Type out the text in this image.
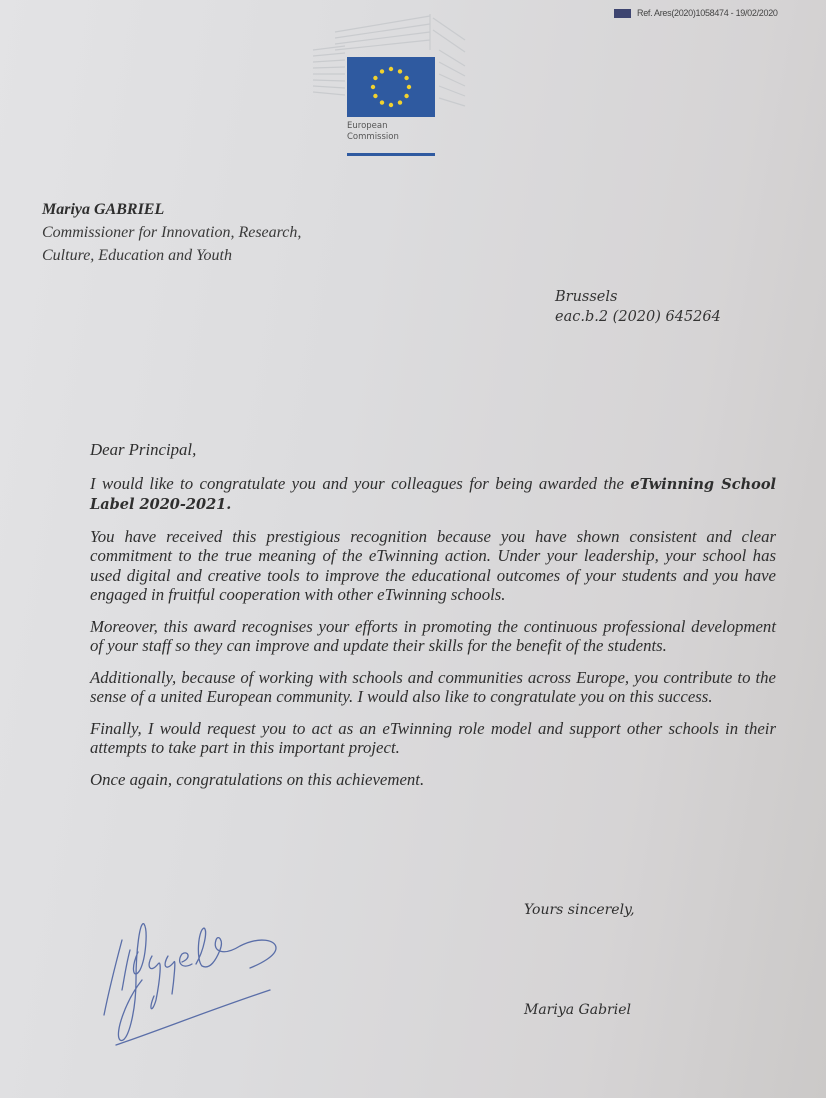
Ref. Ares(2020)1058474 - 19/02/2020
European
Commission
Mariya GABRIEL
Commissioner for Innovation, Research,
Culture, Education and Youth
Brussels
eac.b.2 (2020) 645264

Dear Principal,

I would like to congratulate you and your colleagues for being awarded the eTwinning School Label 2020-2021.

You have received this prestigious recognition because you have shown consistent and clear commitment to the true meaning of the eTwinning action. Under your leadership, your school has used digital and creative tools to improve the educational outcomes of your students and you have engaged in fruitful cooperation with other eTwinning schools.

Moreover, this award recognises your efforts in promoting the continuous professional development of your staff so they can improve and update their skills for the benefit of the students.

Additionally, because of working with schools and communities across Europe, you contribute to the sense of a united European community. I would also like to congratulate you on this success.

Finally, I would request you to act as an eTwinning role model and support other schools in their attempts to take part in this important project.

Once again, congratulations on this achievement.

Yours sincerely,
Mariya Gabriel
